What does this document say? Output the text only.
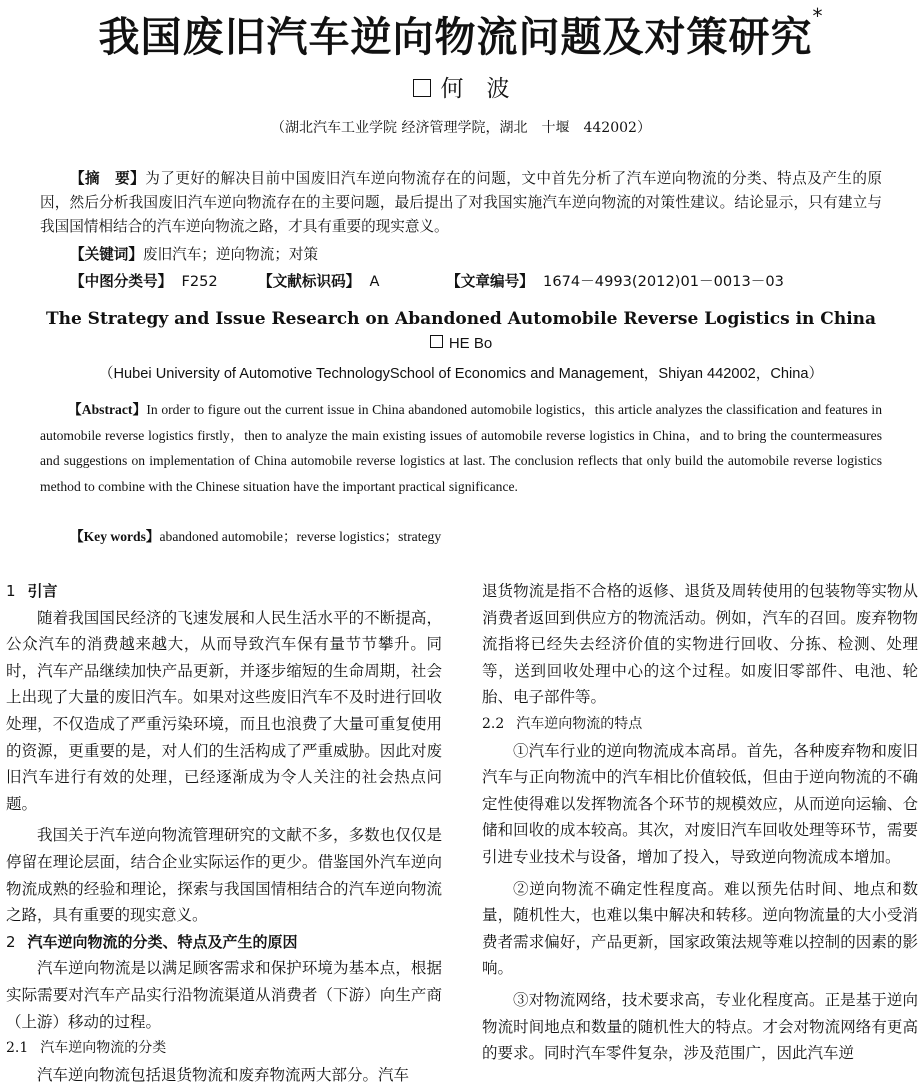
我国废旧汽车逆向物流问题及对策研究*
何　波
（湖北汽车工业学院 经济管理学院，湖北　十堰　442002）

【摘　要】为了更好的解决目前中国废旧汽车逆向物流存在的问题，文中首先分析了汽车逆向物流的分类、特点及产生的原因，然后分析我国废旧汽车逆向物流存在的主要问题，最后提出了对我国实施汽车逆向物流的对策性建议。结论显示，只有建立与我国国情相结合的汽车逆向物流之路，才具有重要的现实意义。

【关键词】废旧汽车；逆向物流；对策
【中图分类号】 F252	【文献标识码】 A	【文章编号】 1674－4993(2012)01－0013－03
The Strategy and Issue Research on Abandoned Automobile Reverse Logistics in China
HE Bo
（Hubei University of Automotive TechnologySchool of Economics and Management，Shiyan 442002，China）

【Abstract】In order to figure out the current issue in China abandoned automobile logistics，this article analyzes the classification and features in automobile reverse logistics firstly，then to analyze the main existing issues of automobile reverse logistics in China，and to bring the countermeasures and suggestions on implementation of China automobile reverse logistics at last. The conclusion reflects that only build the automobile reverse logistics method to combine with the Chinese situation have the important practical significance.

【Key words】abandoned automobile；reverse logistics；strategy
1 引言

随着我国国民经济的飞速发展和人民生活水平的不断提高，公众汽车的消费越来越大，从而导致汽车保有量节节攀升。同时，汽车产品继续加快产品更新，并逐步缩短的生命周期，社会上出现了大量的废旧汽车。如果对这些废旧汽车不及时进行回收处理，不仅造成了严重污染环境，而且也浪费了大量可重复使用的资源，更重要的是，对人们的生活构成了严重威胁。因此对废旧汽车进行有效的处理，已经逐渐成为令人关注的社会热点问题。

我国关于汽车逆向物流管理研究的文献不多，多数也仅仅是停留在理论层面，结合企业实际运作的更少。借鉴国外汽车逆向物流成熟的经验和理论，探索与我国国情相结合的汽车逆向物流之路，具有重要的现实意义。

2 汽车逆向物流的分类、特点及产生的原因

汽车逆向物流是以满足顾客需求和保护环境为基本点，根据实际需要对汽车产品实行沿物流渠道从消费者（下游）向生产商（上游）移动的过程。

2.1 汽车逆向物流的分类

汽车逆向物流包括退货物流和废弃物流两大部分。汽车

退货物流是指不合格的返修、退货及周转使用的包装物等实物从消费者返回到供应方的物流活动。例如，汽车的召回。废弃物物流指将已经失去经济价值的实物进行回收、分拣、检测、处理等，送到回收处理中心的这个过程。如废旧零部件、电池、轮胎、电子部件等。

2.2 汽车逆向物流的特点

①汽车行业的逆向物流成本高昂。首先，各种废弃物和废旧汽车与正向物流中的汽车相比价值较低，但由于逆向物流的不确定性使得难以发挥物流各个环节的规模效应，从而逆向运输、仓储和回收的成本较高。其次，对废旧汽车回收处理等环节，需要引进专业技术与设备，增加了投入，导致逆向物流成本增加。

②逆向物流不确定性程度高。难以预先估时间、地点和数量，随机性大，也难以集中解决和转移。逆向物流量的大小受消费者需求偏好，产品更新，国家政策法规等难以控制的因素的影响。

③对物流网络，技术要求高，专业化程度高。正是基于逆向物流时间地点和数量的随机性大的特点。才会对物流网络有更高的要求。同时汽车零件复杂，涉及范围广，因此汽车逆
